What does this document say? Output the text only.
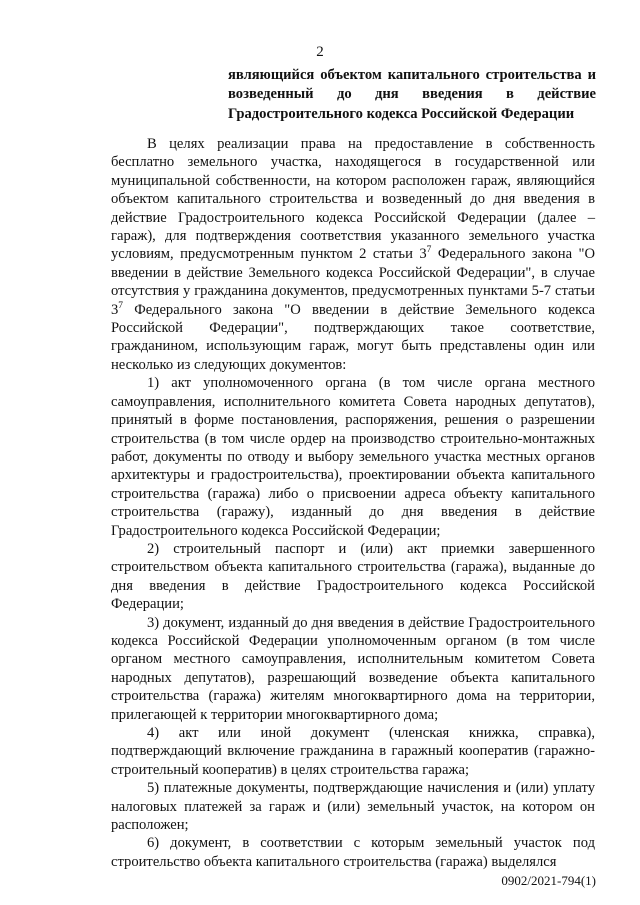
2
являющийся объектом капитального строительства и возведенный до дня введения в действие Градостроительного кодекса Российской Федерации

В целях реализации права на предоставление в собственность бесплатно земельного участка, находящегося в государственной или муниципальной собственности, на котором расположен гараж, являющийся объектом капитального строительства и возведенный до дня введения в действие Градостроительного кодекса Российской Федерации (далее – гараж), для подтверждения соответствия указанного земельного участка условиям, предусмотренным пунктом 2 статьи $3^7$ Федерального закона "О введении в действие Земельного кодекса Российской Федерации", в случае отсутствия у гражданина документов, предусмотренных пунктами 5-7 статьи $3^7$ Федерального закона "О введении в действие Земельного кодекса Российской Федерации", подтверждающих такое соответствие, гражданином, использующим гараж, могут быть представлены один или несколько из следующих документов:

1) акт уполномоченного органа (в том числе органа местного самоуправления, исполнительного комитета Совета народных депутатов), принятый в форме постановления, распоряжения, решения о разрешении строительства (в том числе ордер на производство строительно-монтажных работ, документы по отводу и выбору земельного участка местных органов архитектуры и градостроительства), проектировании объекта капитального строительства (гаража) либо о присвоении адреса объекту капитального строительства (гаражу), изданный до дня введения в действие Градостроительного кодекса Российской Федерации;

2) строительный паспорт и (или) акт приемки завершенного строительством объекта капитального строительства (гаража), выданные до дня введения в действие Градостроительного кодекса Российской Федерации;

3) документ, изданный до дня введения в действие Градостроительного кодекса Российской Федерации уполномоченным органом (в том числе органом местного самоуправления, исполнительным комитетом Совета народных депутатов), разрешающий возведение объекта капитального строительства (гаража) жителям многоквартирного дома на территории, прилегающей к территории многоквартирного дома;

4) акт или иной документ (членская книжка, справка), подтверждающий включение гражданина в гаражный кооператив (гаражно-строительный кооператив) в целях строительства гаража;

5) платежные документы, подтверждающие начисления и (или) уплату налоговых платежей за гараж и (или) земельный участок, на котором он расположен;

6) документ, в соответствии с которым земельный участок под строительство объекта капитального строительства (гаража) выделялся

0902/2021-794(1)
